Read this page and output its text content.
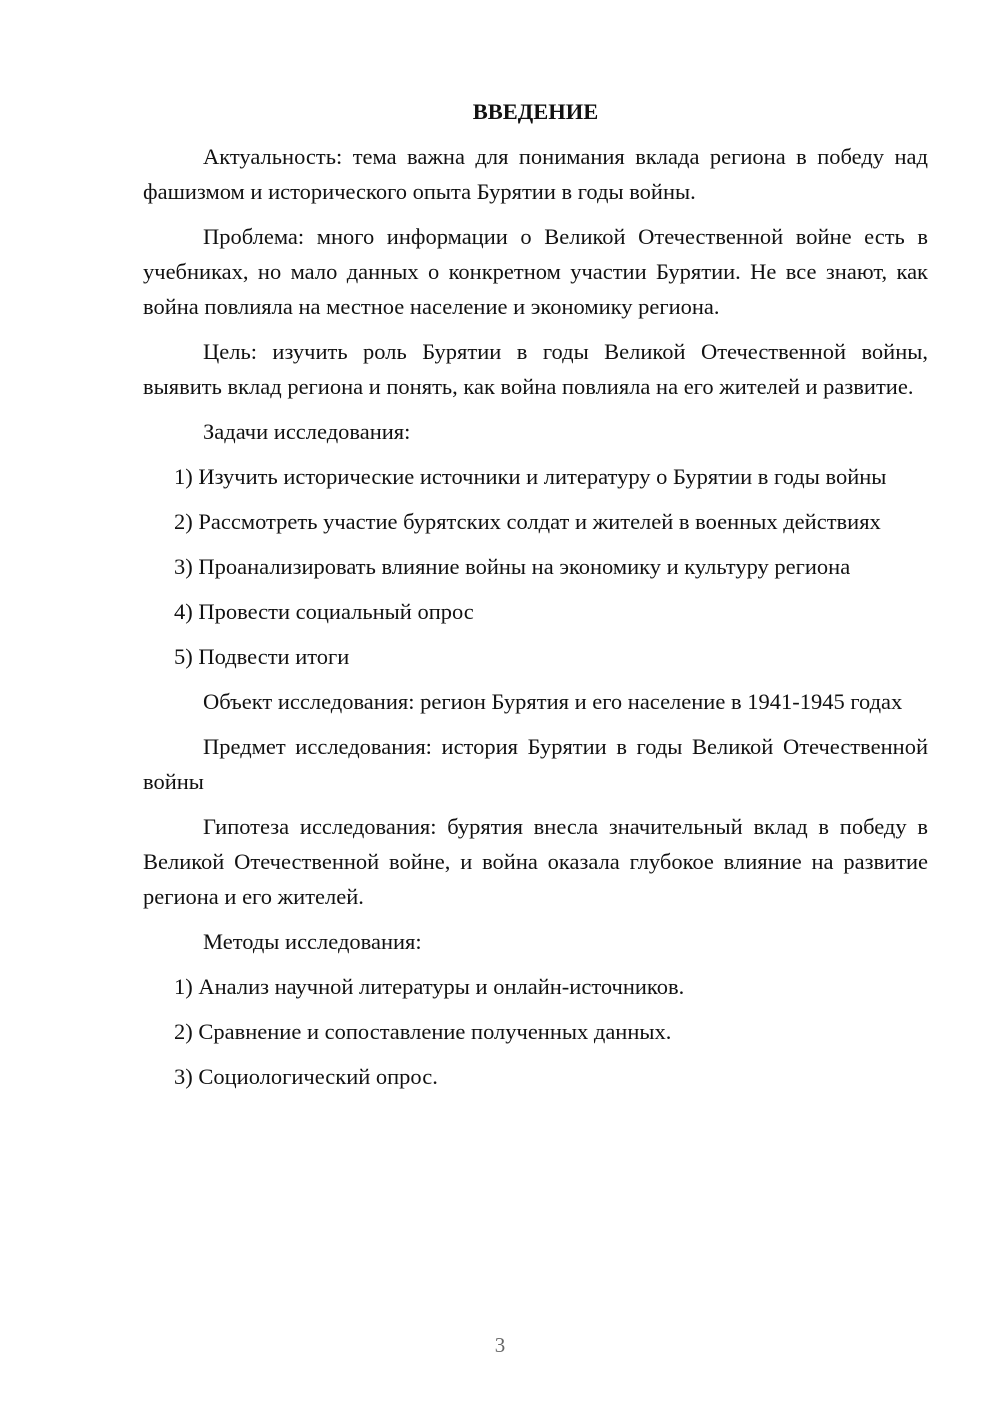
ВВЕДЕНИЕ

Актуальность: тема важна для понимания вклада региона в победу над фашизмом и исторического опыта Бурятии в годы войны.

Проблема: много информации о Великой Отечественной войне есть в учебниках, но мало данных о конкретном участии Бурятии. Не все знают, как война повлияла на местное население и экономику региона.

Цель: изучить роль Бурятии в годы Великой Отечественной войны, выявить вклад региона и понять, как война повлияла на его жителей и развитие.

Задачи исследования:

1) Изучить исторические источники и литературу о Бурятии в годы войны

2) Рассмотреть участие бурятских солдат и жителей в военных действиях

3) Проанализировать влияние войны на экономику и культуру региона

4) Провести социальный опрос

5) Подвести итоги

Объект исследования: регион Бурятия и его население в 1941-1945 годах

Предмет исследования: история Бурятии в годы Великой Отечественной войны

Гипотеза исследования: бурятия внесла значительный вклад в победу в Великой Отечественной войне, и война оказала глубокое влияние на развитие региона и его жителей.

Методы исследования:

1) Анализ научной литературы и онлайн-источников.

2) Сравнение и сопоставление полученных данных.

3) Социологический опрос.

3
